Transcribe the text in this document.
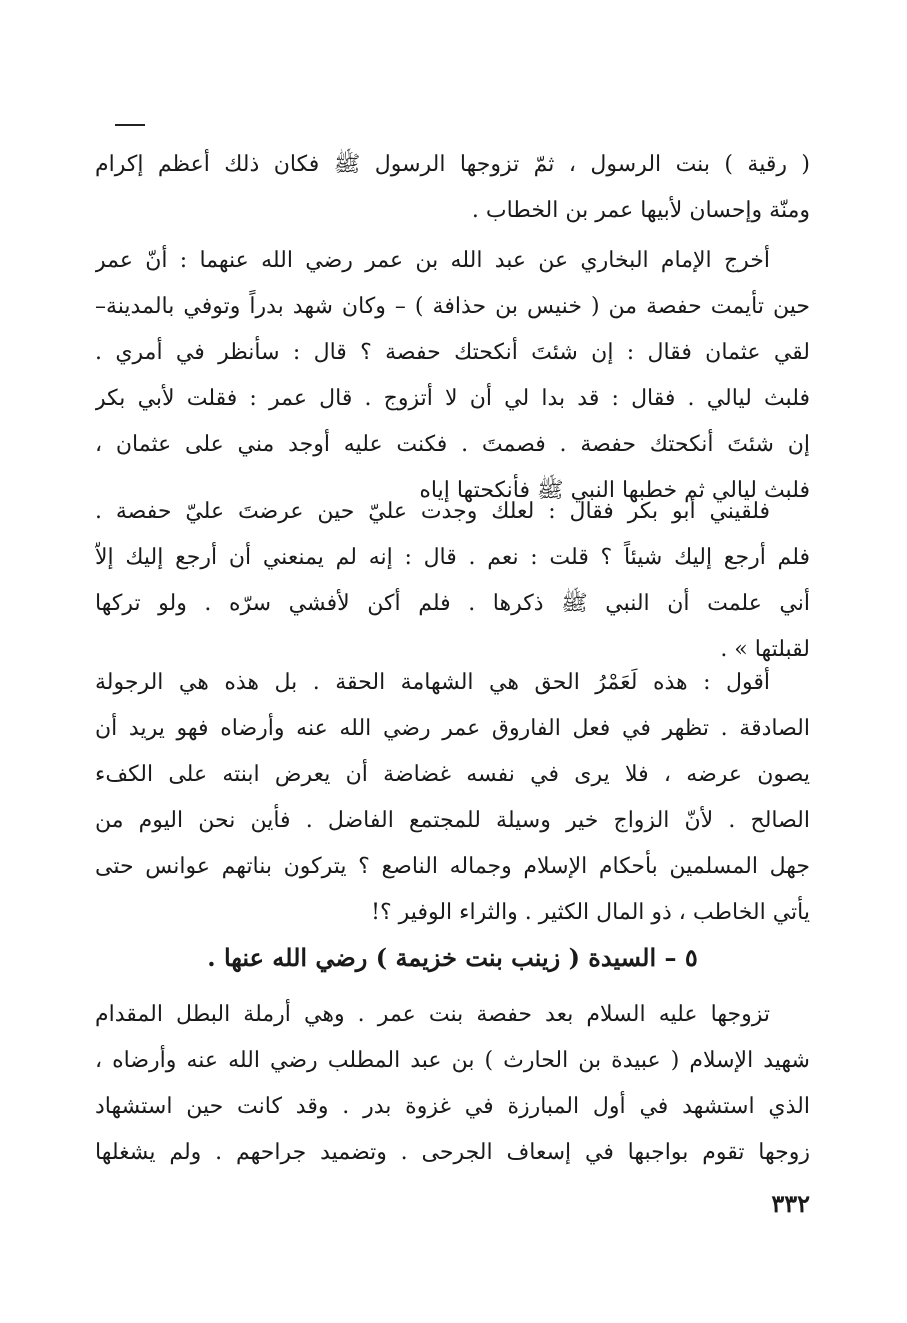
( رقية ) بنت الرسول ، ثمّ تزوجها الرسول ﷺ فكان ذلك أعظم إكرام
ومنّة وإحسان لأبيها عمر بن الخطاب .

أخرج الإمام البخاري عن عبد الله بن عمر رضي الله عنهما : أنّ عمر
حين تأيمت حفصة من ( خنيس بن حذافة ) – وكان شهد بدراً وتوفي بالمدينة–
لقي عثمان فقال : إن شئتَ أنكحتك حفصة ؟ قال : سأنظر في أمري .
فلبث ليالي . فقال : قد بدا لي أن لا أتزوج . قال عمر : فقلت لأبي بكر
إن شئتَ أنكحتك حفصة . فصمتَ . فكنت عليه أوجد مني على عثمان ،
فلبث ليالي ثم خطبها النبي ﷺ فأنكحتها إياه

فلقيني أبو بكر فقال : لعلك وجدت عليّ حين عرضتَ عليّ حفصة .
فلم أرجع إليك شيئاً ؟ قلت : نعم . قال : إنه لم يمنعني أن أرجع إليك إلاّ
أني علمت أن النبي ﷺ ذكرها . فلم أكن لأفشي سرّه . ولو تركها
لقبلتها » .

أقول : هذه لَعَمْرُ الحق هي الشهامة الحقة . بل هذه هي الرجولة
الصادقة . تظهر في فعل الفاروق عمر رضي الله عنه وأرضاه فهو يريد أن
يصون عرضه ، فلا يرى في نفسه غضاضة أن يعرض ابنته على الكفء
الصالح . لأنّ الزواج خير وسيلة للمجتمع الفاضل . فأين نحن اليوم من
جهل المسلمين بأحكام الإسلام وجماله الناصع ؟ يتركون بناتهم عوانس حتى
يأتي الخاطب ، ذو المال الكثير . والثراء الوفير ؟!

٥ – السيدة ( زينب بنت خزيمة ) رضي الله عنها .

تزوجها عليه السلام بعد حفصة بنت عمر . وهي أرملة البطل المقدام
شهيد الإسلام ( عبيدة بن الحارث ) بن عبد المطلب رضي الله عنه وأرضاه ،
الذي استشهد في أول المبارزة في غزوة بدر . وقد كانت حين استشهاد
زوجها تقوم بواجبها في إسعاف الجرحى . وتضميد جراحهم . ولم يشغلها

٣٣٢
